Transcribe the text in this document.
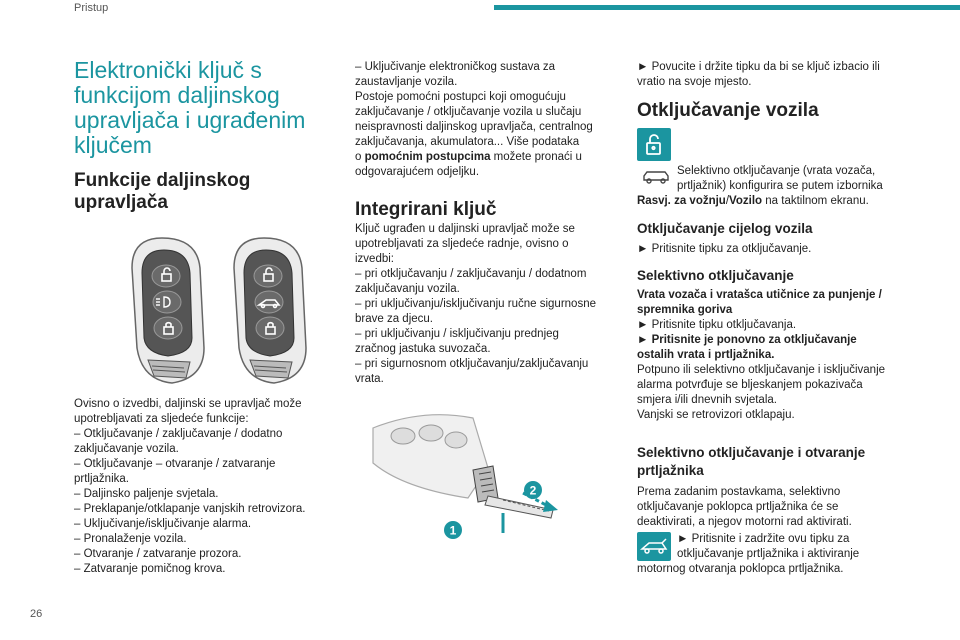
Pristup
26
Elektronički ključ s
funkcijom daljinskog
upravljača i ugrađenim
ključem
Funkcije daljinskog
upravljača
Ovisno o izvedbi, daljinski se upravljač može
upotrebljavati za sljedeće funkcije:
– Otključavanje / zaključavanje / dodatno
zaključavanje vozila.
– Otključavanje – otvaranje / zatvaranje
prtljažnika.
– Daljinsko paljenje svjetala.
– Preklapanje/otklapanje vanjskih retrovizora.
– Uključivanje/isključivanje alarma.
– Pronalaženje vozila.
– Otvaranje / zatvaranje prozora.
– Zatvaranje pomičnog krova.
– Uključivanje elektroničkog sustava za
zaustavljanje vozila.
Postoje pomoćni postupci koji omogućuju
zaključavanje / otključavanje vozila u slučaju
neispravnosti daljinskog upravljača, centralnog
zaključavanja, akumulatora... Više podataka
o pomoćnim postupcima možete pronaći u
odgovarajućem odjeljku.
Integrirani ključ
Ključ ugrađen u daljinski upravljač može se
upotrebljavati za sljedeće radnje, ovisno o
izvedbi:
– pri otključavanju / zaključavanju / dodatnom
zaključavanju vozila.
– pri uključivanju/isključivanju ručne sigurnosne
brave za djecu.
– pri uključivanju / isključivanju prednjeg
zračnog jastuka suvozača.
– pri sigurnosnom otključavanju/zaključavanju
vrata.
1
2
► Povucite i držite tipku da bi se ključ izbacio ili
vratio na svoje mjesto.
Otključavanje vozila
Selektivno otključavanje (vrata vozača,
prtljažnik) konfigurira se putem izbornika
Rasvj. za vožnju/Vozilo na taktilnom ekranu.
Otključavanje cijelog vozila
► Pritisnite tipku za otključavanje.
Selektivno otključavanje
Vrata vozača i vratašca utičnice za punjenje /
spremnika goriva
► Pritisnite tipku otključavanja.
► Pritisnite je ponovno za otključavanje
ostalih vrata i prtljažnika.
Potpuno ili selektivno otključavanje i isključivanje
alarma potvrđuje se bljeskanjem pokazivača
smjera i/ili dnevnih svjetala.
Vanjski se retrovizori otklapaju.
Selektivno otključavanje i otvaranje
prtljažnika
Prema zadanim postavkama, selektivno
otključavanje poklopca prtljažnika će se
deaktivirati, a njegov motorni rad aktivirati.
► Pritisnite i zadržite ovu tipku za
otključavanje prtljažnika i aktiviranje
motornog otvaranja poklopca prtljažnika.
